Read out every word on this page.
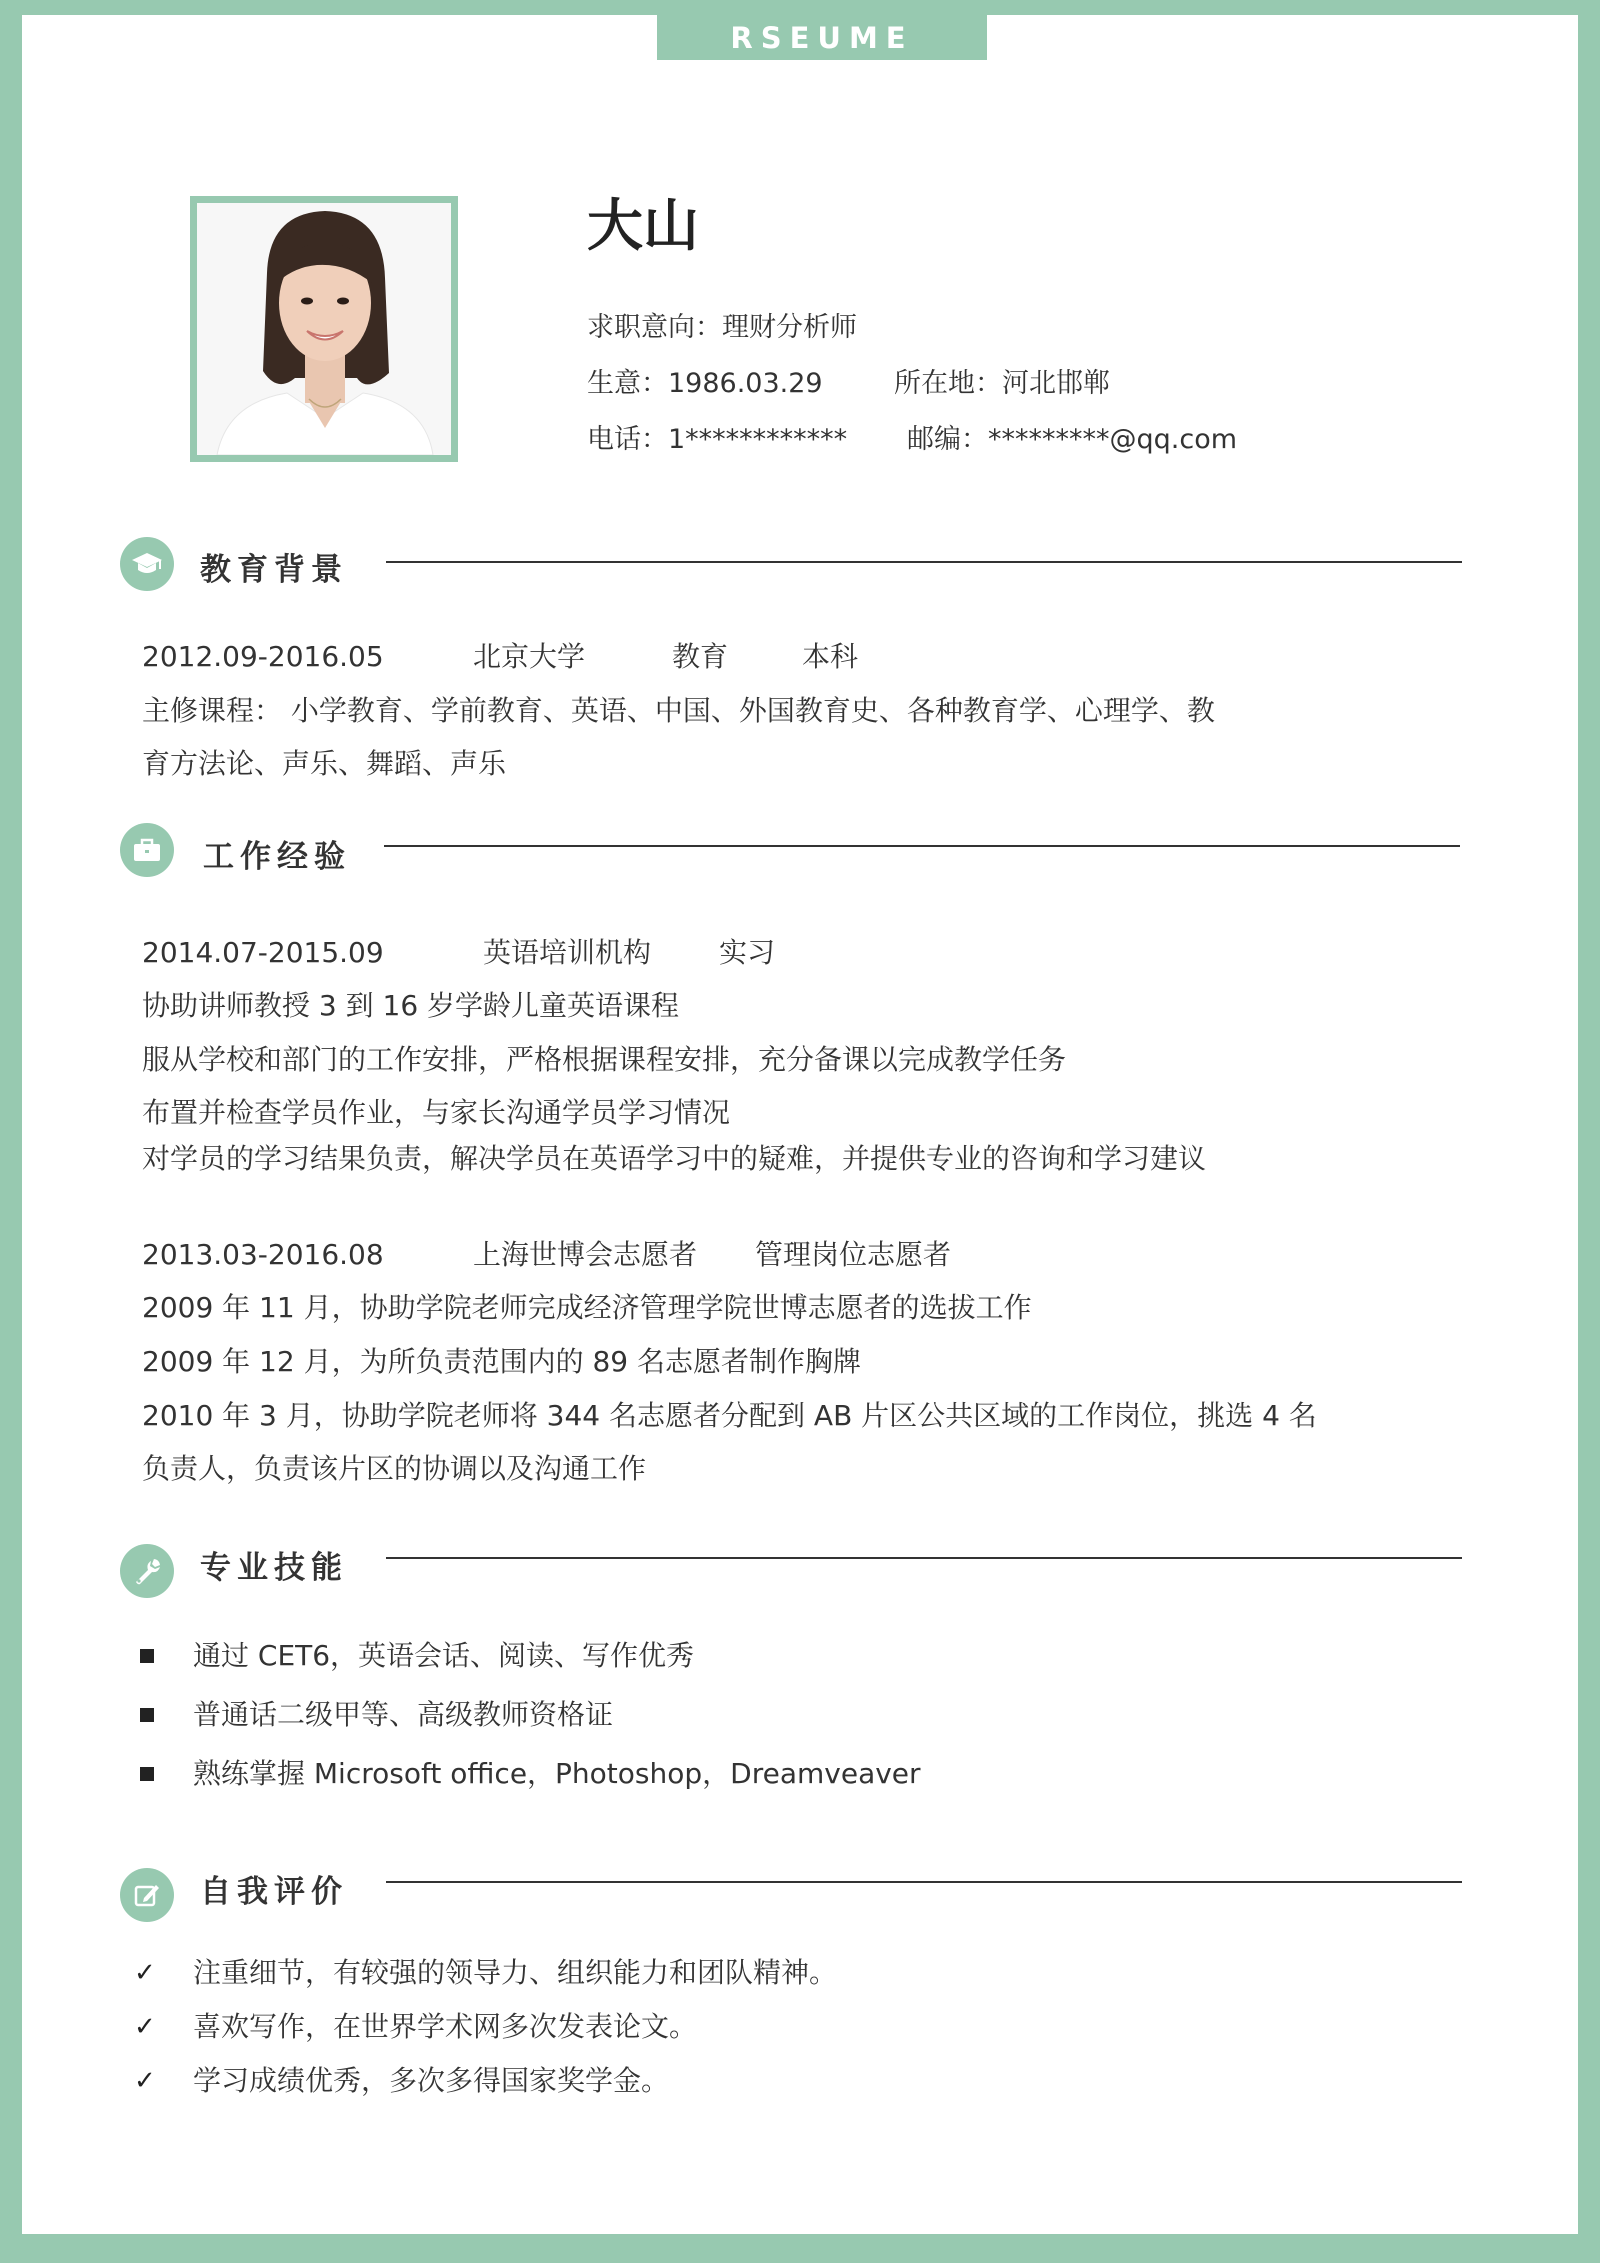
RSEUME
大山
求职意向：理财分析师
生意：1986.03.29	所在地：河北邯郸
电话：1************ 邮编：*********@qq.com
教育背景
2012.09-2016.05	北京大学	教育	本科
主修课程： 小学教育、学前教育、英语、中国、外国教育史、各种教育学、心理学、教
育方法论、声乐、舞蹈、声乐
工作经验
2014.07-2015.09	英语培训机构 实习
协助讲师教授 3 到 16 岁学龄儿童英语课程
服从学校和部门的工作安排，严格根据课程安排，充分备课以完成教学任务
布置并检查学员作业，与家长沟通学员学习情况
对学员的学习结果负责，解决学员在英语学习中的疑难，并提供专业的咨询和学习建议
2013.03-2016.08	上海世博会志愿者 管理岗位志愿者
2009 年 11 月，协助学院老师完成经济管理学院世博志愿者的选拔工作
2009 年 12 月，为所负责范围内的 89 名志愿者制作胸牌
2010 年 3 月，协助学院老师将 344 名志愿者分配到 AB 片区公共区域的工作岗位，挑选 4 名
负责人，负责该片区的协调以及沟通工作
专业技能
通过 CET6，英语会话、阅读、写作优秀
普通话二级甲等、高级教师资格证
熟练掌握 Microsoft office，Photoshop，Dreamveaver
自我评价
✓ 注重细节，有较强的领导力、组织能力和团队精神。
✓ 喜欢写作，在世界学术网多次发表论文。
✓ 学习成绩优秀，多次多得国家奖学金。
